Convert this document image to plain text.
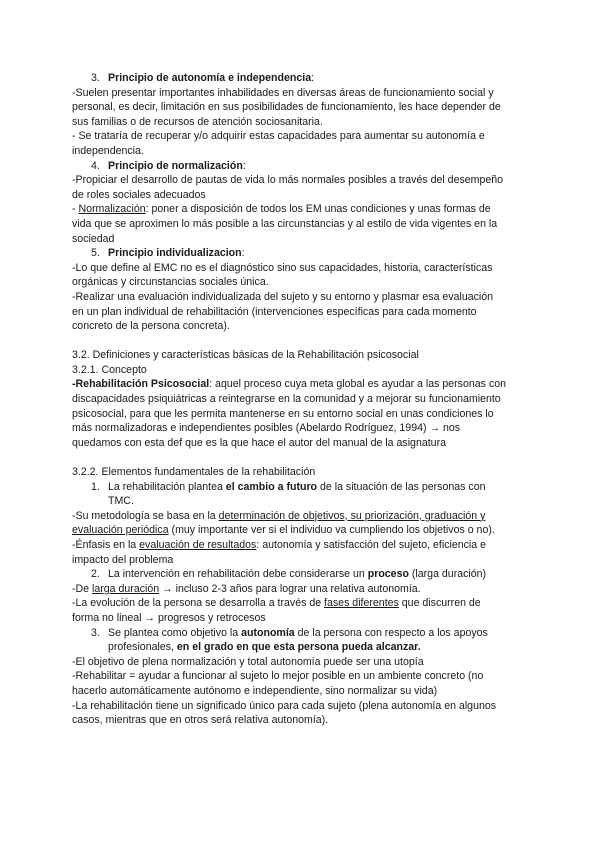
3. Principio de autonomía e independencia:
-Suelen presentar importantes inhabilidades en diversas áreas de funcionamiento social y
personal, es decir, limitación en sus posibilidades de funcionamiento, les hace depender de
sus familias o de recursos de atención sociosanitaria.
- Se trataría de recuperar y/o adquirir estas capacidades para aumentar su autonomía e
independencia.
4. Principio de normalización:
-Propiciar el desarrollo de pautas de vida lo más normales posibles a través del desempeño
de roles sociales adecuados
- Normalización: poner a disposición de todos los EM unas condiciones y unas formas de
vida que se aproximen lo más posible a las circunstancias y al estilo de vida vigentes en la
sociedad
5. Principio individualizacion:
-Lo que define al EMC no es el diagnóstico sino sus capacidades, historia, características
orgánicas y circunstancias sociales única.
-Realizar una evaluación individualizada del sujeto y su entorno y plasmar esa evaluación
en un plan individual de rehabilitación (intervenciones específicas para cada momento
concreto de la persona concreta).
3.2. Definiciones y características básicas de la Rehabilitación psicosocial
3.2.1. Concepto
-Rehabilitación Psicosocial: aquel proceso cuya meta global es ayudar a las personas con
discapacidades psiquiátricas a reintegrarse en la comunidad y a mejorar su funcionamiento
psicosocial, para que les permita mantenerse en su entorno social en unas condiciones lo
más normalizadoras e independientes posibles (Abelardo Rodríguez, 1994) → nos
quedamos con esta def que es la que hace el autor del manual de la asignatura
3.2.2. Elementos fundamentales de la rehabilitación
1. La rehabilitación plantea el cambio a futuro de la situación de las personas con
TMC.
-Su metodología se basa en la determinación de objetivos, su priorización, graduación y
evaluación periódica (muy importante ver si el individuo va cumpliendo los objetivos o no).
-Énfasis en la evaluación de resultados: autonomía y satisfacción del sujeto, eficiencia e
impacto del problema
2. La intervención en rehabilitación debe considerarse un proceso (larga duración)
-De larga duración → incluso 2-3 años para lograr una relativa autonomía.
-La evolución de la persona se desarrolla a través de fases diferentes que discurren de
forma no lineal → progresos y retrocesos
3. Se plantea como objetivo la autonomía de la persona con respecto a los apoyos
profesionales, en el grado en que esta persona pueda alcanzar.
-El objetivo de plena normalización y total autonomía puede ser una utopía
-Rehabilitar = ayudar a funcionar al sujeto lo mejor posible en un ambiente concreto (no
hacerlo automáticamente autónomo e independiente, sino normalizar su vida)
-La rehabilitación tiene un significado único para cada sujeto (plena autonomía en algunos
casos, mientras que en otros será relativa autonomía).
